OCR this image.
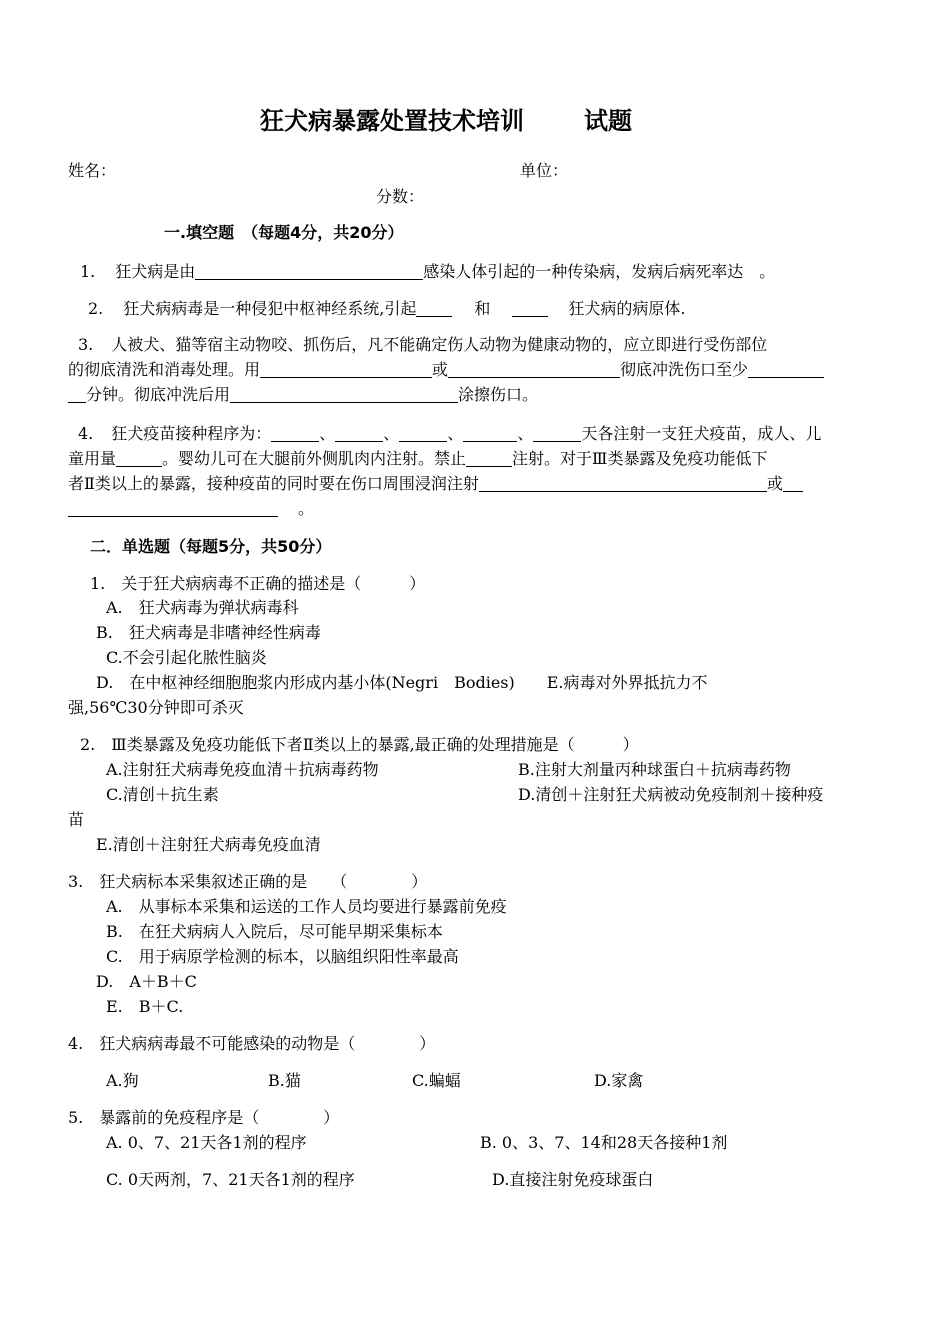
狂犬病暴露处置技术培训	试题
姓名：	单位：
分数：
一.填空题　（每题4分，共20分）
1. 狂犬病是由	感染人体引起的一种传染病，发病后病死率达 。
2. 狂犬病病毒是一种侵犯中枢神经系统,引起	和	狂犬病的病原体.
3. 人被犬、猫等宿主动物咬、抓伤后，凡不能确定伤人动物为健康动物的，应立即进行受伤部位
的彻底清洗和消毒处理。用	或	彻底冲洗伤口至少
分钟。彻底冲洗后用	涂擦伤口。
4. 狂犬疫苗接种程序为：	、	、	、	、	天各注射一支狂犬疫苗，成人、儿
童用量	。婴幼儿可在大腿前外侧肌肉内注射。禁止	注射。对于Ⅲ类暴露及免疫功能低下
者Ⅱ类以上的暴露，接种疫苗的同时要在伤口周围浸润注射	或
。
二．单选题（每题5分，共50分）
1.　关于狂犬病病毒不正确的描述是（　　　）
A.　狂犬病毒为弹状病毒科
B.　狂犬病毒是非嗜神经性病毒
C.不会引起化脓性脑炎
D.　在中枢神经细胞胞浆内形成内基小体(Negri　Bodies)　　E.病毒对外界抵抗力不
强,56℃30分钟即可杀灭
2.　Ⅲ类暴露及免疫功能低下者Ⅱ类以上的暴露,最正确的处理措施是（　　　）
A.注射狂犬病毒免疫血清＋抗病毒药物	B.注射大剂量丙种球蛋白＋抗病毒药物
C.清创＋抗生素	D.清创＋注射狂犬病被动免疫制剂＋接种疫
苗
E.清创＋注射狂犬病毒免疫血清
3.　狂犬病标本采集叙述正确的是　　（　　　　）
A.　从事标本采集和运送的工作人员均要进行暴露前免疫
B.　在狂犬病病人入院后，尽可能早期采集标本
C.　用于病原学检测的标本，以脑组织阳性率最高
D.　A＋B＋C
E.　B＋C.
4.　狂犬病病毒最不可能感染的动物是（　　　　）
A.狗	B.猫	C.蝙蝠	D.家禽
5.　暴露前的免疫程序是（　　　　）
A. 0、7、21天各1剂的程序	B. 0、3、7、14和28天各接种1剂
C. 0天两剂，7、21天各1剂的程序	D.直接注射免疫球蛋白
